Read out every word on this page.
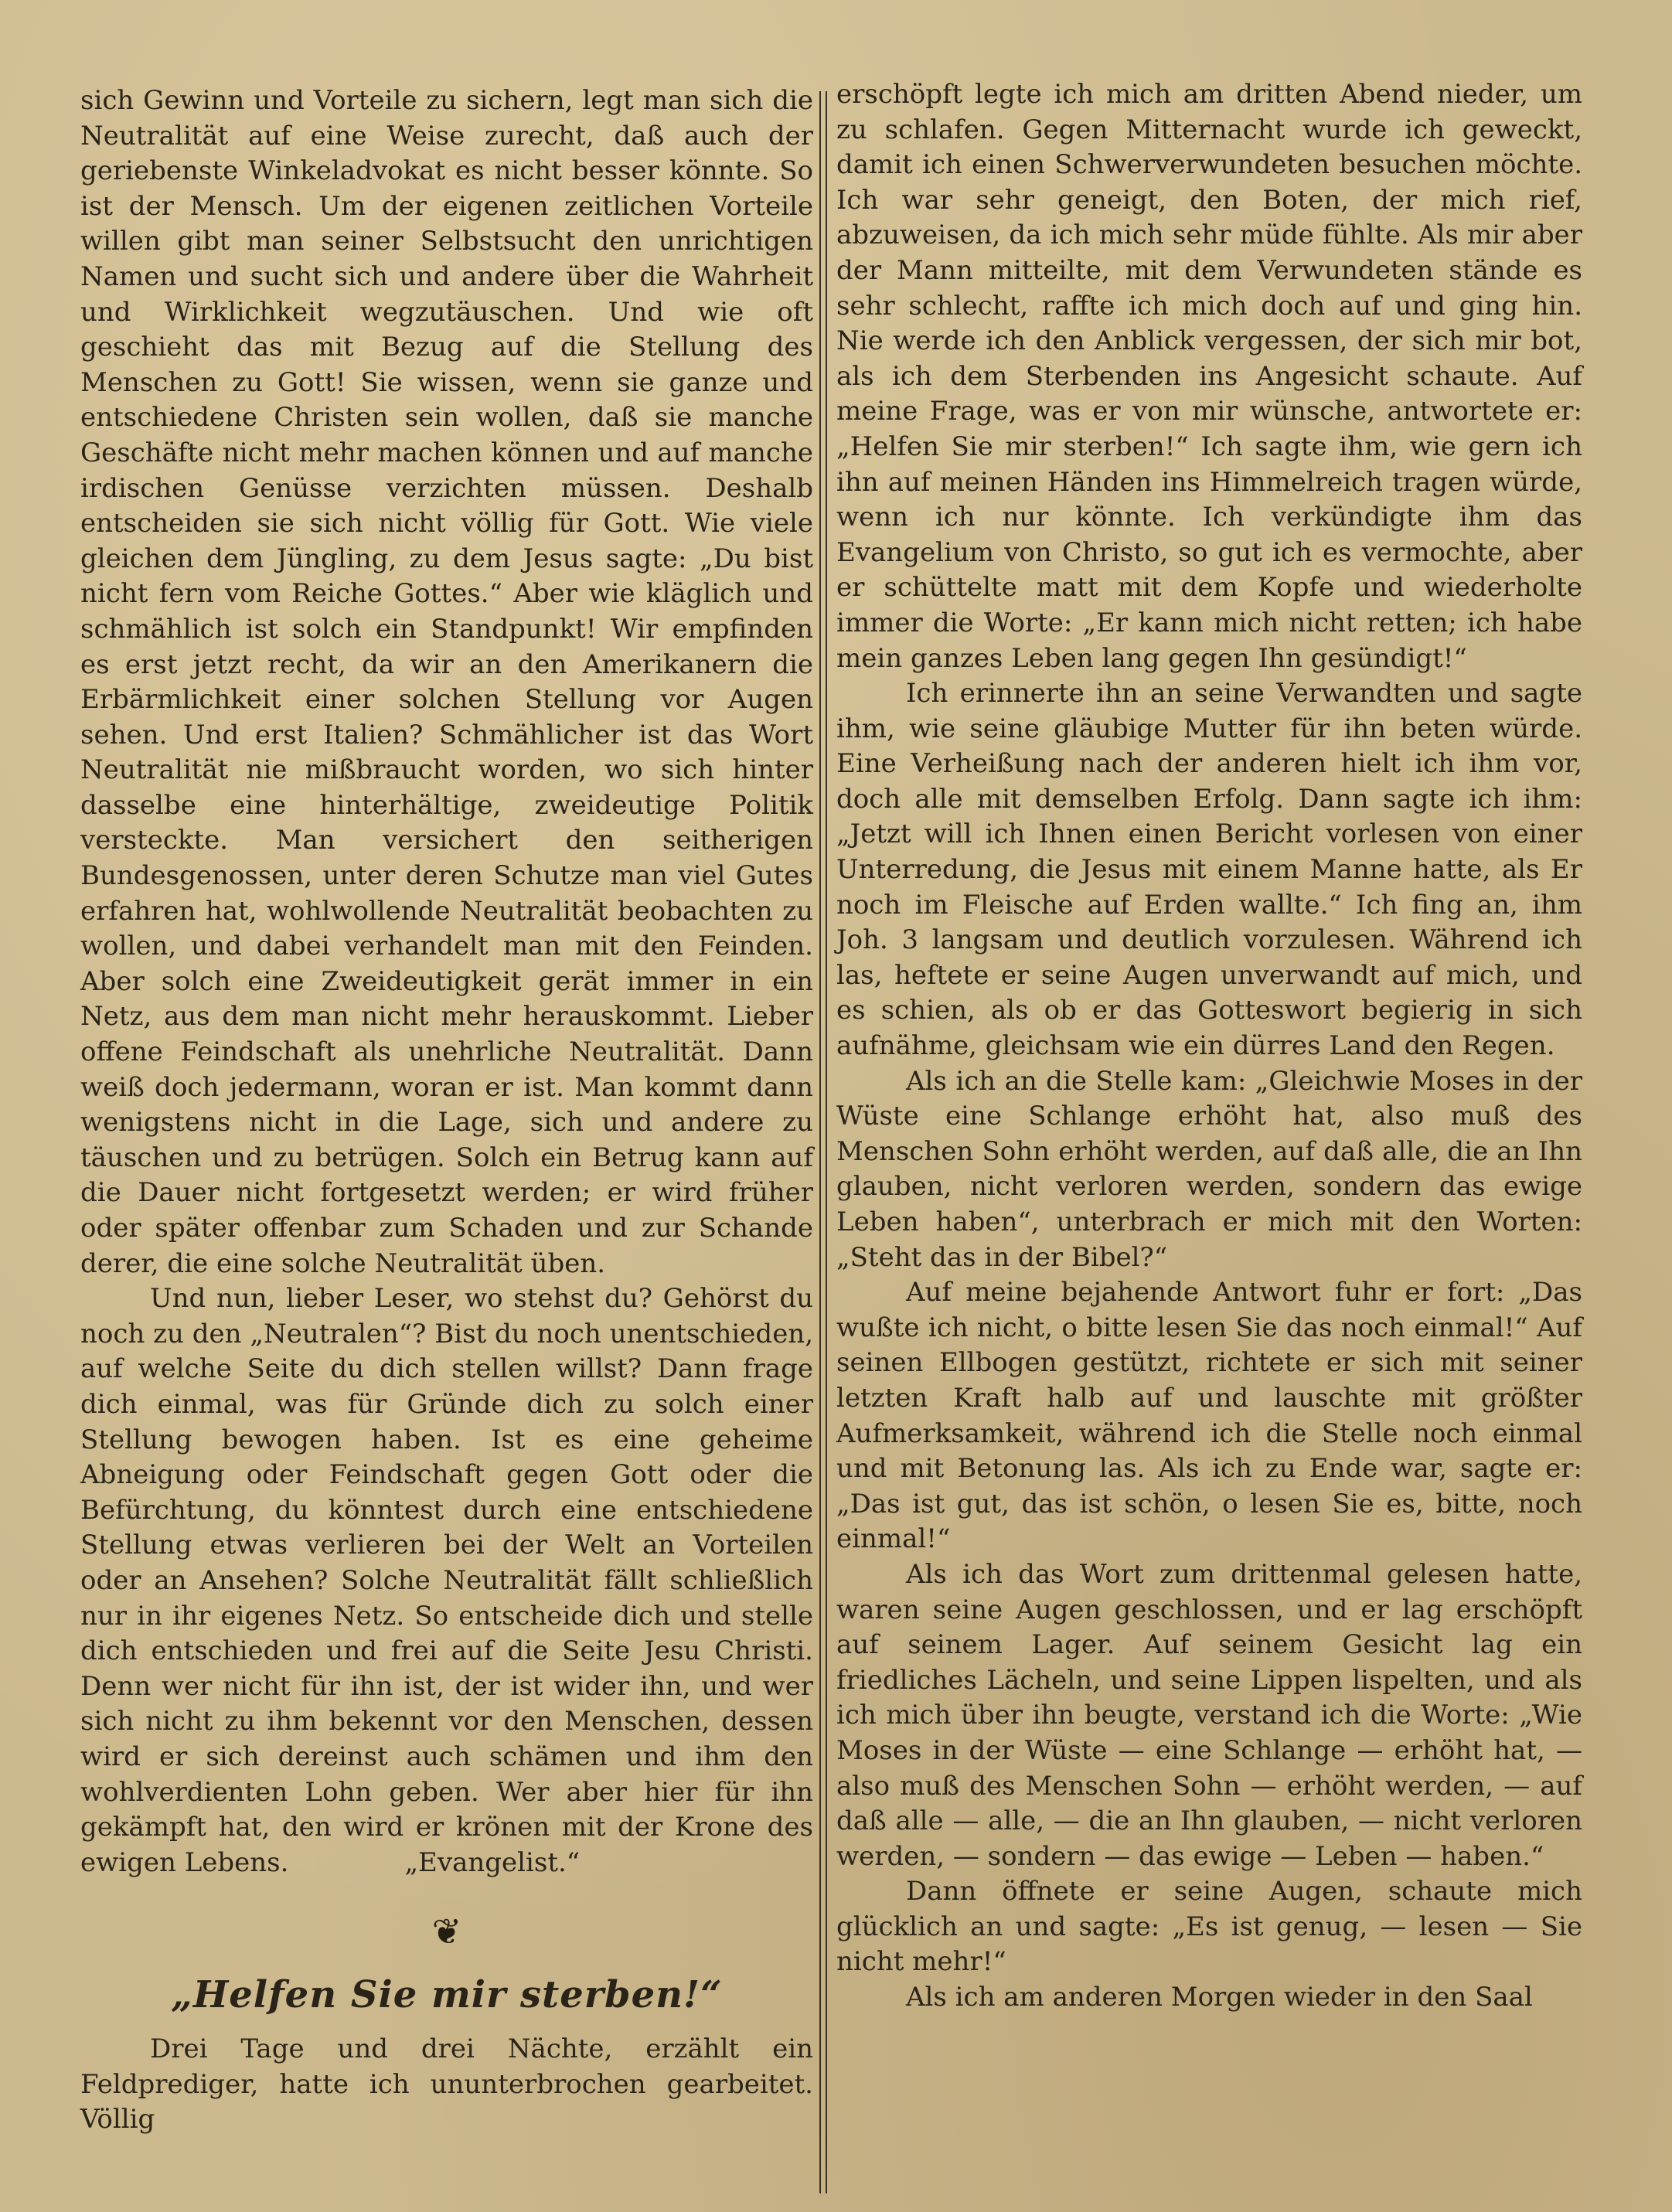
sich Gewinn und Vorteile zu sichern, legt man sich die Neutralität auf eine Weise zurecht, daß auch der geriebenste Winkeladvokat es nicht besser könnte. So ist der Mensch. Um der eigenen zeitlichen Vorteile willen gibt man seiner Selbstsucht den unrichtigen Namen und sucht sich und andere über die Wahrheit und Wirklichkeit wegzutäuschen. Und wie oft geschieht das mit Bezug auf die Stellung des Menschen zu Gott! Sie wissen, wenn sie ganze und entschiedene Christen sein wollen, daß sie manche Geschäfte nicht mehr machen können und auf manche irdischen Genüsse verzichten müssen. Deshalb entscheiden sie sich nicht völlig für Gott. Wie viele gleichen dem Jüngling, zu dem Jesus sagte: „Du bist nicht fern vom Reiche Gottes.“ Aber wie kläglich und schmählich ist solch ein Standpunkt! Wir empfinden es erst jetzt recht, da wir an den Amerikanern die Erbärmlichkeit einer solchen Stellung vor Augen sehen. Und erst Italien? Schmählicher ist das Wort Neutralität nie mißbraucht worden, wo sich hinter dasselbe eine hinterhältige, zweideutige Politik versteckte. Man versichert den seitherigen Bundesgenossen, unter deren Schutze man viel Gutes erfahren hat, wohlwollende Neutralität beobachten zu wollen, und dabei verhandelt man mit den Feinden. Aber solch eine Zweideutigkeit gerät immer in ein Netz, aus dem man nicht mehr herauskommt. Lieber offene Feindschaft als unehrliche Neutralität. Dann weiß doch jedermann, woran er ist. Man kommt dann wenigstens nicht in die Lage, sich und andere zu täuschen und zu betrügen. Solch ein Betrug kann auf die Dauer nicht fortgesetzt werden; er wird früher oder später offenbar zum Schaden und zur Schande derer, die eine solche Neutralität üben.

Und nun, lieber Leser, wo stehst du? Gehörst du noch zu den „Neutralen“? Bist du noch unentschieden, auf welche Seite du dich stellen willst? Dann frage dich einmal, was für Gründe dich zu solch einer Stellung bewogen haben. Ist es eine geheime Abneigung oder Feindschaft gegen Gott oder die Befürchtung, du könntest durch eine entschiedene Stellung etwas verlieren bei der Welt an Vorteilen oder an Ansehen? Solche Neutralität fällt schließlich nur in ihr eigenes Netz. So entscheide dich und stelle dich entschieden und frei auf die Seite Jesu Christi. Denn wer nicht für ihn ist, der ist wider ihn, und wer sich nicht zu ihm bekennt vor den Menschen, dessen wird er sich dereinst auch schämen und ihm den wohlverdienten Lohn geben. Wer aber hier für ihn gekämpft hat, den wird er krönen mit der Krone des ewigen Lebens.	„Evangelist.“

❦
„Helfen Sie mir sterben!“

Drei Tage und drei Nächte, erzählt ein Feldprediger, hatte ich ununterbrochen gearbeitet. Völlig

erschöpft legte ich mich am dritten Abend nieder, um zu schlafen. Gegen Mitternacht wurde ich geweckt, damit ich einen Schwerverwundeten besuchen möchte. Ich war sehr geneigt, den Boten, der mich rief, abzuweisen, da ich mich sehr müde fühlte. Als mir aber der Mann mitteilte, mit dem Verwundeten stände es sehr schlecht, raffte ich mich doch auf und ging hin. Nie werde ich den Anblick vergessen, der sich mir bot, als ich dem Sterbenden ins Angesicht schaute. Auf meine Frage, was er von mir wünsche, antwortete er: „Helfen Sie mir sterben!“ Ich sagte ihm, wie gern ich ihn auf meinen Händen ins Himmelreich tragen würde, wenn ich nur könnte. Ich verkündigte ihm das Evangelium von Christo, so gut ich es vermochte, aber er schüttelte matt mit dem Kopfe und wiederholte immer die Worte: „Er kann mich nicht retten; ich habe mein ganzes Leben lang gegen Ihn gesündigt!“

Ich erinnerte ihn an seine Verwandten und sagte ihm, wie seine gläubige Mutter für ihn beten würde. Eine Verheißung nach der anderen hielt ich ihm vor, doch alle mit demselben Erfolg. Dann sagte ich ihm: „Jetzt will ich Ihnen einen Bericht vorlesen von einer Unterredung, die Jesus mit einem Manne hatte, als Er noch im Fleische auf Erden wallte.“ Ich fing an, ihm Joh. 3 langsam und deutlich vorzulesen. Während ich las, heftete er seine Augen unverwandt auf mich, und es schien, als ob er das Gotteswort begierig in sich aufnähme, gleichsam wie ein dürres Land den Regen.

Als ich an die Stelle kam: „Gleichwie Moses in der Wüste eine Schlange erhöht hat, also muß des Menschen Sohn erhöht werden, auf daß alle, die an Ihn glauben, nicht verloren werden, sondern das ewige Leben haben“, unterbrach er mich mit den Worten: „Steht das in der Bibel?“

Auf meine bejahende Antwort fuhr er fort: „Das wußte ich nicht, o bitte lesen Sie das noch einmal!“ Auf seinen Ellbogen gestützt, richtete er sich mit seiner letzten Kraft halb auf und lauschte mit größter Aufmerksamkeit, während ich die Stelle noch einmal und mit Betonung las. Als ich zu Ende war, sagte er: „Das ist gut, das ist schön, o lesen Sie es, bitte, noch einmal!“

Als ich das Wort zum drittenmal gelesen hatte, waren seine Augen geschlossen, und er lag erschöpft auf seinem Lager. Auf seinem Gesicht lag ein friedliches Lächeln, und seine Lippen lispelten, und als ich mich über ihn beugte, verstand ich die Worte: „Wie Moses in der Wüste — eine Schlange — erhöht hat, — also muß des Menschen Sohn — erhöht werden, — auf daß alle — alle, — die an Ihn glauben, — nicht verloren werden, — sondern — das ewige — Leben — haben.“

Dann öffnete er seine Augen, schaute mich glücklich an und sagte: „Es ist genug, — lesen — Sie nicht mehr!“

Als ich am anderen Morgen wieder in den Saal
